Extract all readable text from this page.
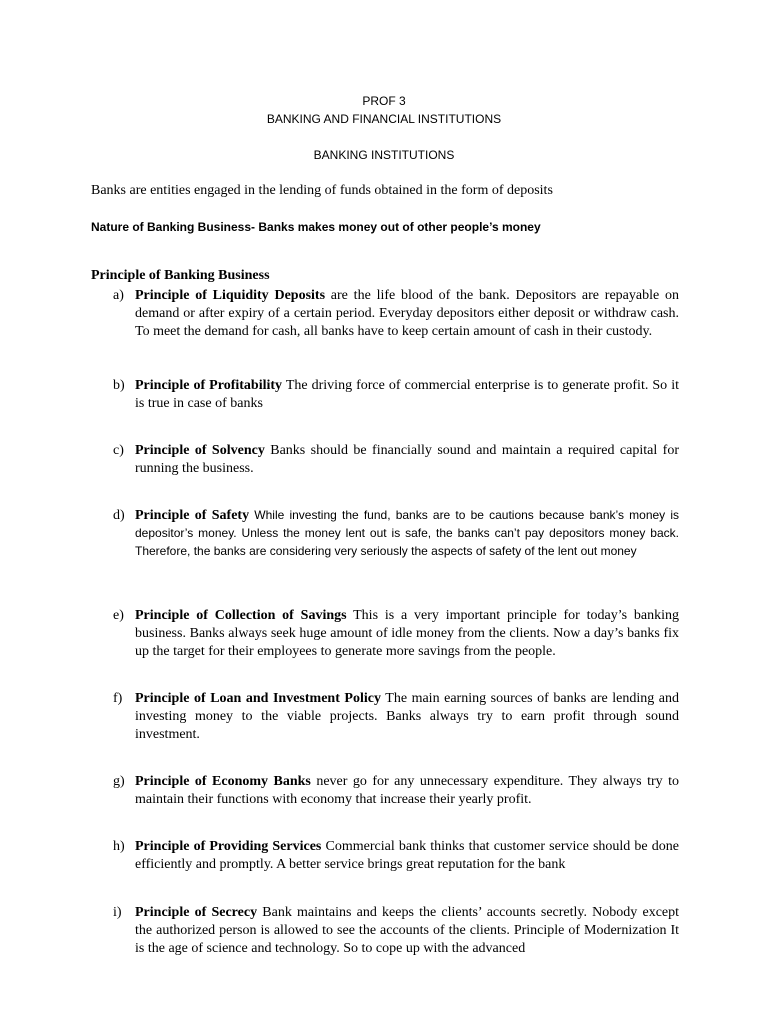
PROF 3
BANKING AND FINANCIAL INSTITUTIONS
BANKING INSTITUTIONS
Banks are entities engaged in the lending of funds obtained in the form of deposits
Nature of Banking Business- Banks makes money out of other people’s money
Principle of Banking Business
a) Principle of Liquidity Deposits are the life blood of the bank. Depositors are repayable on demand or after expiry of a certain period. Everyday depositors either deposit or withdraw cash. To meet the demand for cash, all banks have to keep certain amount of cash in their custody.
b) Principle of Profitability The driving force of commercial enterprise is to generate profit. So it is true in case of banks
c) Principle of Solvency Banks should be financially sound and maintain a required capital for running the business.
d) Principle of Safety While investing the fund, banks are to be cautions because bank’s money is depositor’s money. Unless the money lent out is safe, the banks can’t pay depositors money back. Therefore, the banks are considering very seriously the aspects of safety of the lent out money
e) Principle of Collection of Savings This is a very important principle for today’s banking business. Banks always seek huge amount of idle money from the clients. Now a day’s banks fix up the target for their employees to generate more savings from the people.
f) Principle of Loan and Investment Policy The main earning sources of banks are lending and investing money to the viable projects. Banks always try to earn profit through sound investment.
g) Principle of Economy Banks never go for any unnecessary expenditure. They always try to maintain their functions with economy that increase their yearly profit.
h) Principle of Providing Services Commercial bank thinks that customer service should be done efficiently and promptly. A better service brings great reputation for the bank
i) Principle of Secrecy Bank maintains and keeps the clients’ accounts secretly. Nobody except the authorized person is allowed to see the accounts of the clients. Principle of Modernization It is the age of science and technology. So to cope up with the advanced
